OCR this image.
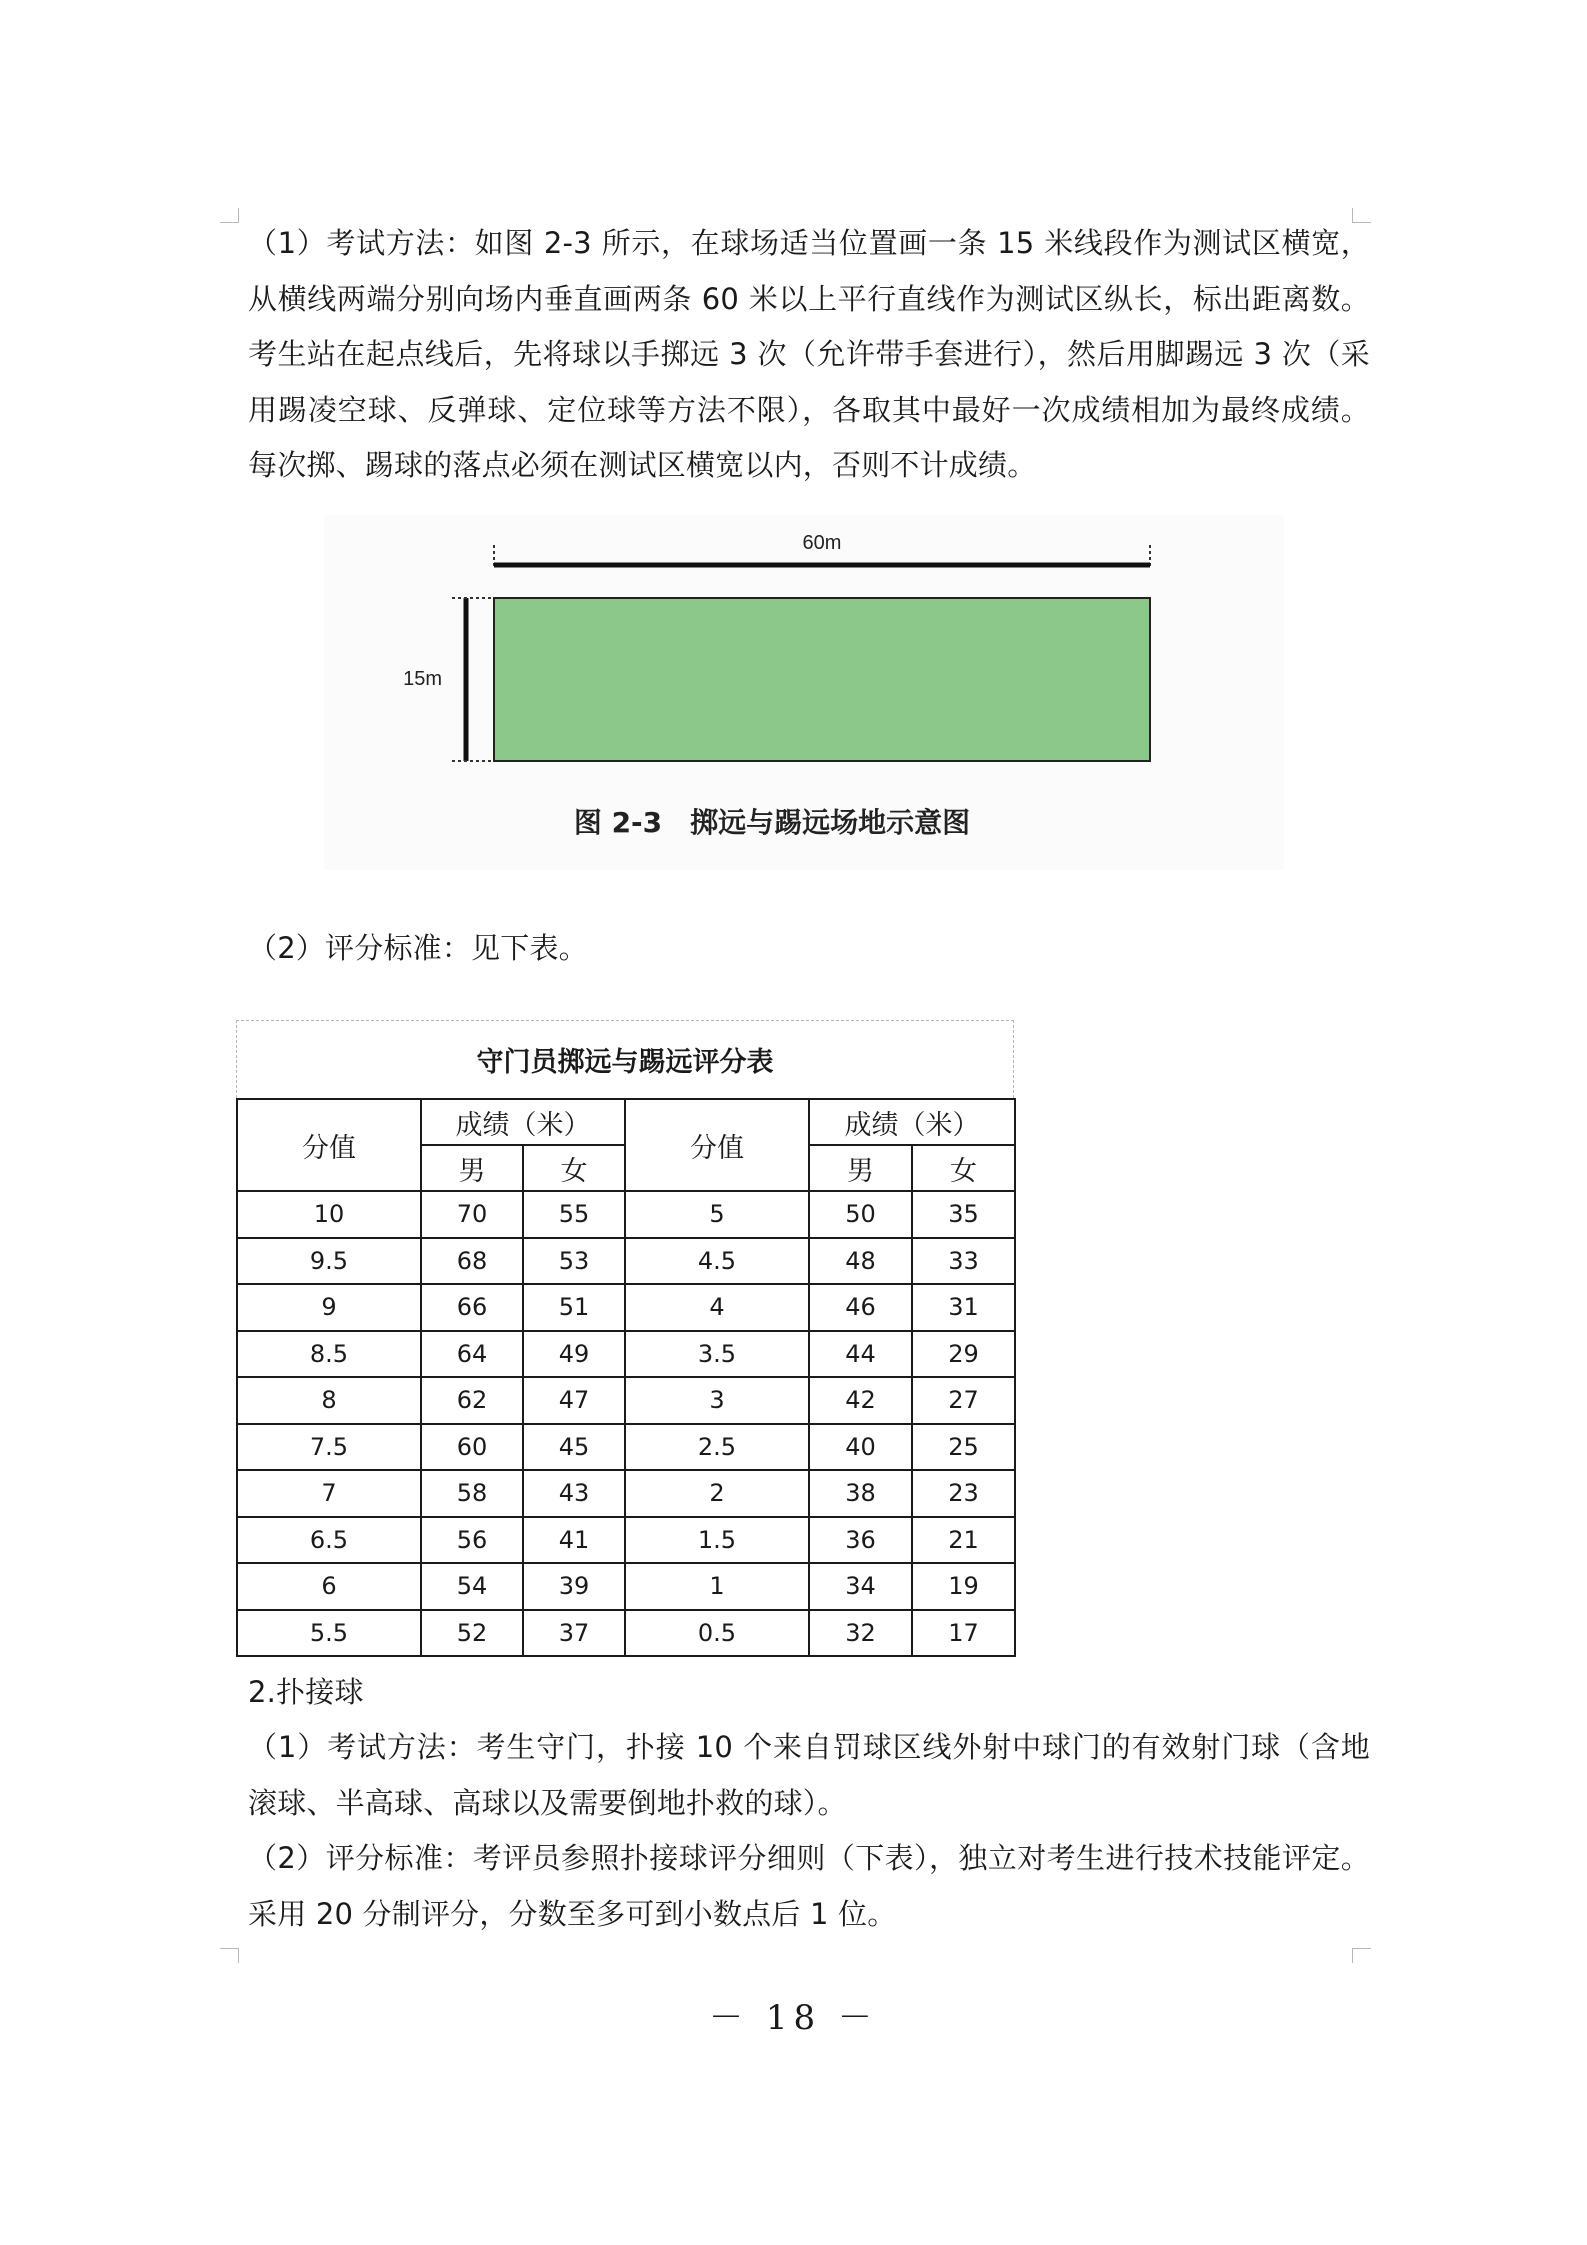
（1）考试方法：如图 2-3 所示，在球场适当位置画一条 15 米线段作为测试区横宽，从横线两端分别向场内垂直画两条 60 米以上平行直线作为测试区纵长，标出距离数。考生站在起点线后，先将球以手掷远 3 次（允许带手套进行），然后用脚踢远 3 次（采用踢凌空球、反弹球、定位球等方法不限），各取其中最好一次成绩相加为最终成绩。每次掷、踢球的落点必须在测试区横宽以内，否则不计成绩。

60m
15m
图 2-3　掷远与踢远场地示意图

（2）评分标准：见下表。

守门员掷远与踢远评分表
分值	成绩（米）		分值	成绩（米）	
	男	女		男	女
10	70	55	5	50	35
9.5	68	53	4.5	48	33
9	66	51	4	46	31
8.5	64	49	3.5	44	29
8	62	47	3	42	27
7.5	60	45	2.5	40	25
7	58	43	2	38	23
6.5	56	41	1.5	36	21
6	54	39	1	34	19
5.5	52	37	0.5	32	17

2.扑接球

（1）考试方法：考生守门，扑接 10 个来自罚球区线外射中球门的有效射门球（含地滚球、半高球、高球以及需要倒地扑救的球）。

（2）评分标准：考评员参照扑接球评分细则（下表），独立对考生进行技术技能评定。采用 20 分制评分，分数至多可到小数点后 1 位。

－ 18 －
